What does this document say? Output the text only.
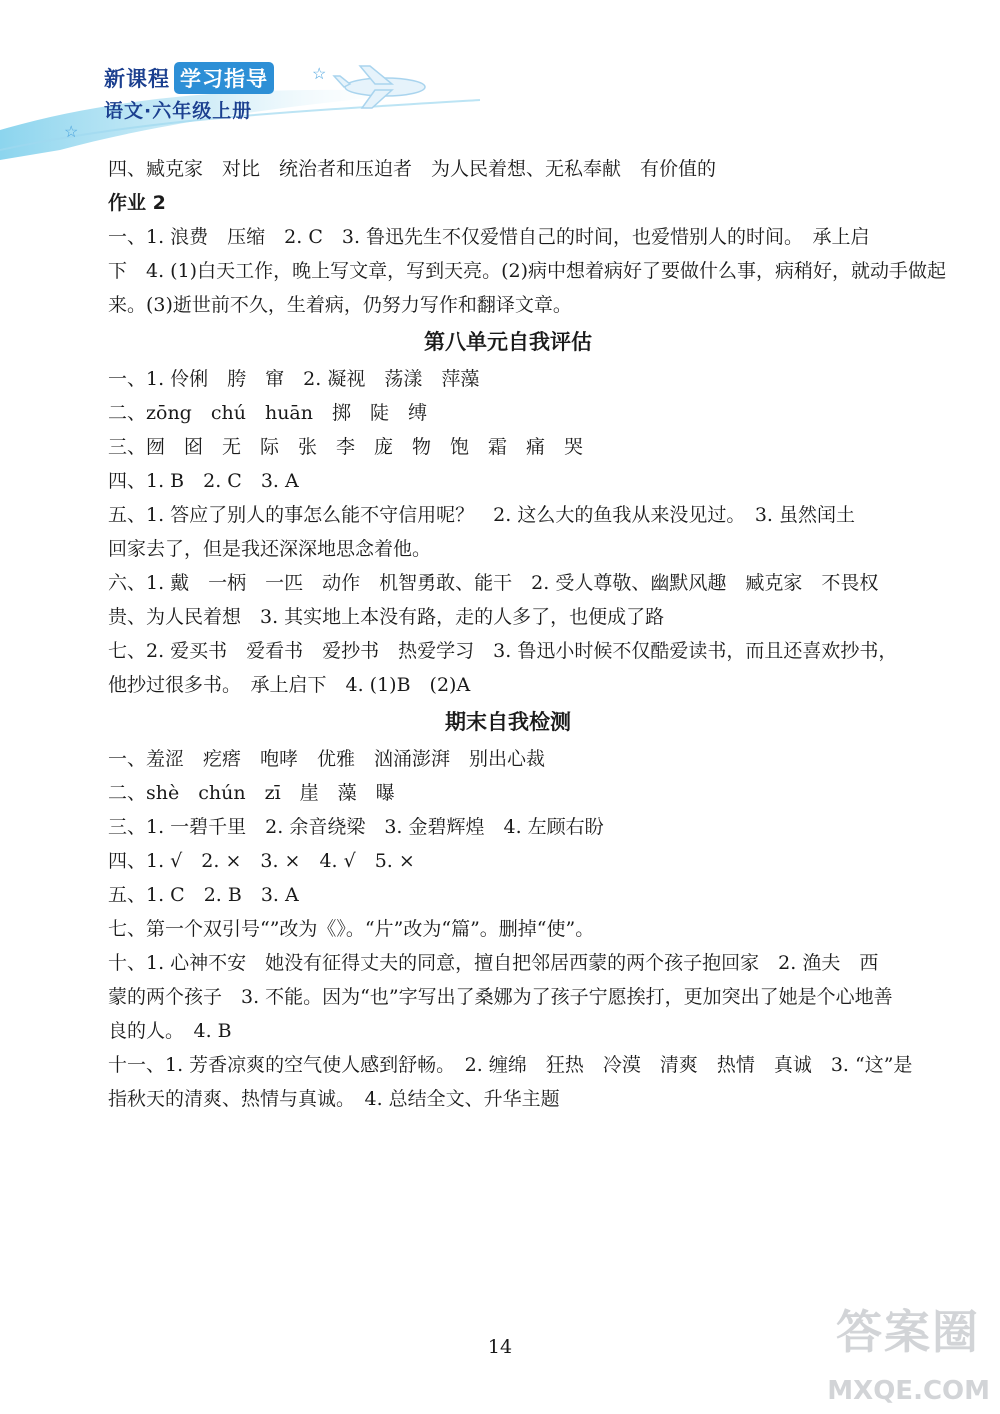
新课程 学习指导
语文·六年级上册
☆
☆
四、臧克家　对比　统治者和压迫者　为人民着想、无私奉献　有价值的
作业 2
一、1. 浪费　压缩　2. C　3. 鲁迅先生不仅爱惜自己的时间，也爱惜别人的时间。　承上启
下　4. (1)白天工作，晚上写文章，写到天亮。(2)病中想着病好了要做什么事，病稍好，就动手做起
来。(3)逝世前不久，生着病，仍努力写作和翻译文章。
第八单元自我评估
一、1. 伶俐　胯　窜　2. 凝视　荡漾　萍藻
二、zōng　chú　huān　掷　陡　缚
三、囫　囵　无　际　张　李　庞　物　饱　霜　痛　哭
四、1. B　2. C　3. A
五、1. 答应了别人的事怎么能不守信用呢？　2. 这么大的鱼我从来没见过。　3. 虽然闰土
回家去了，但是我还深深地思念着他。
六、1. 戴　一柄　一匹　动作　机智勇敢、能干　2. 受人尊敬、幽默风趣　臧克家　不畏权
贵、为人民着想　3. 其实地上本没有路，走的人多了，也便成了路
七、2. 爱买书　爱看书　爱抄书　热爱学习　3. 鲁迅小时候不仅酷爱读书，而且还喜欢抄书，
他抄过很多书。　承上启下　4. (1)B　(2)A
期末自我检测
一、羞涩　疙瘩　咆哮　优雅　汹涌澎湃　别出心裁
二、shè　chún　zī　崖　藻　曝
三、1. 一碧千里　2. 余音绕梁　3. 金碧辉煌　4. 左顾右盼
四、1. √　2. ×　3. ×　4. √　5. ×
五、1. C　2. B　3. A
七、第一个双引号“”改为《》。“片”改为“篇”。删掉“使”。
十、1. 心神不安　她没有征得丈夫的同意，擅自把邻居西蒙的两个孩子抱回家　2. 渔夫　西
蒙的两个孩子　3. 不能。因为“也”字写出了桑娜为了孩子宁愿挨打，更加突出了她是个心地善
良的人。　4. B
十一、1. 芳香凉爽的空气使人感到舒畅。　2. 缠绵　狂热　冷漠　清爽　热情　真诚　3. “这”是
指秋天的清爽、热情与真诚。　4. 总结全文、升华主题
14	答案圈
MXQE.COM
